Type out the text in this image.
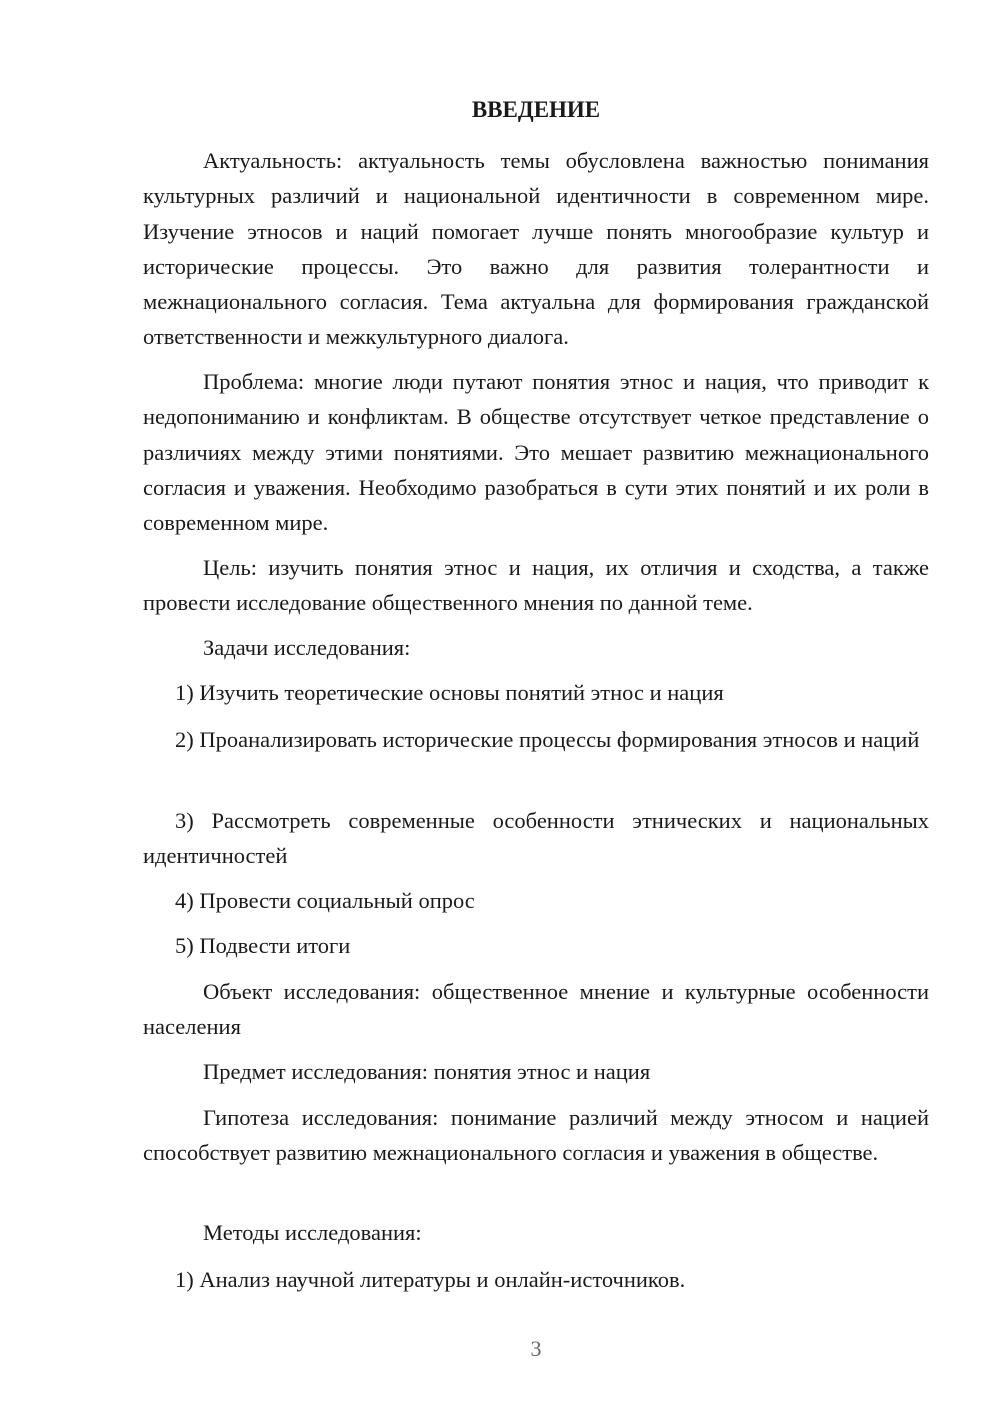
ВВЕДЕНИЕ

Актуальность: актуальность темы обусловлена важностью понимания культурных различий и национальной идентичности в современном мире. Изучение этносов и наций помогает лучше понять многообразие культур и исторические процессы. Это важно для развития толерантности и межнационального согласия. Тема актуальна для формирования гражданской ответственности и межкультурного диалога.

Проблема: многие люди путают понятия этнос и нация, что приводит к недопониманию и конфликтам. В обществе отсутствует четкое представление о различиях между этими понятиями. Это мешает развитию межнационального согласия и уважения. Необходимо разобраться в сути этих понятий и их роли в современном мире.

Цель: изучить понятия этнос и нация, их отличия и сходства, а также провести исследование общественного мнения по данной теме.

Задачи исследования:

1) Изучить теоретические основы понятий этнос и нация

2) Проанализировать исторические процессы формирования этносов и наций

3) Рассмотреть современные особенности этнических и национальных идентичностей

4) Провести социальный опрос

5) Подвести итоги

Объект исследования: общественное мнение и культурные особенности населения

Предмет исследования: понятия этнос и нация

Гипотеза исследования: понимание различий между этносом и нацией способствует развитию межнационального согласия и уважения в обществе.

Методы исследования:

1) Анализ научной литературы и онлайн-источников.

3
